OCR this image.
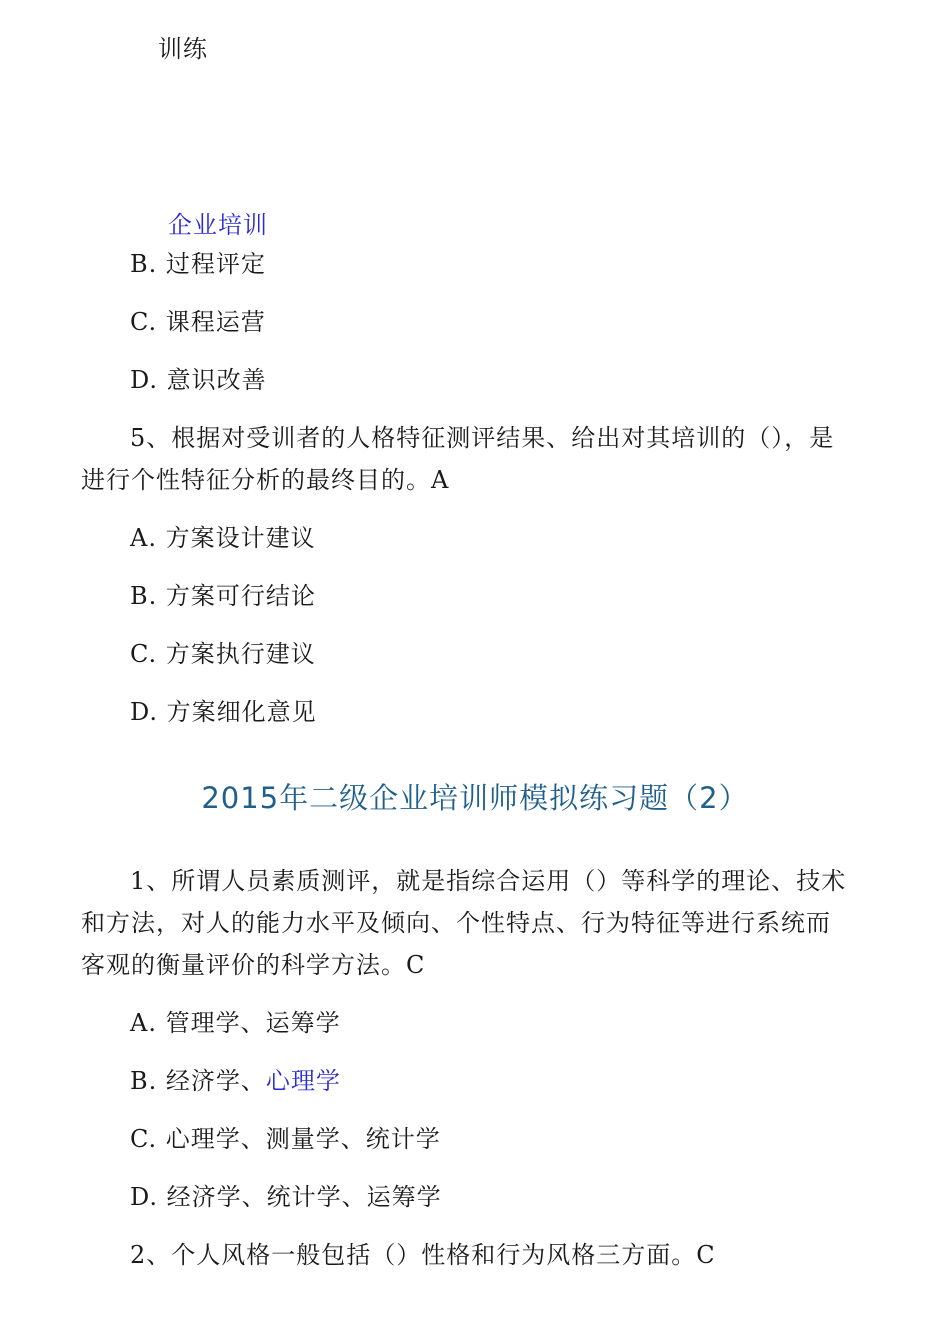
训练
企业培训
B. 过程评定
C. 课程运营
D. 意识改善
5、根据对受训者的人格特征测评结果、给出对其培训的（），是
进行个性特征分析的最终目的。A
A. 方案设计建议
B. 方案可行结论
C. 方案执行建议
D. 方案细化意见
2015年二级企业培训师模拟练习题（2）
1、所谓人员素质测评，就是指综合运用（）等科学的理论、技术
和方法，对人的能力水平及倾向、个性特点、行为特征等进行系统而
客观的衡量评价的科学方法。C
A. 管理学、运筹学
B. 经济学、心理学
C. 心理学、测量学、统计学
D. 经济学、统计学、运筹学
2、个人风格一般包括（）性格和行为风格三方面。C
